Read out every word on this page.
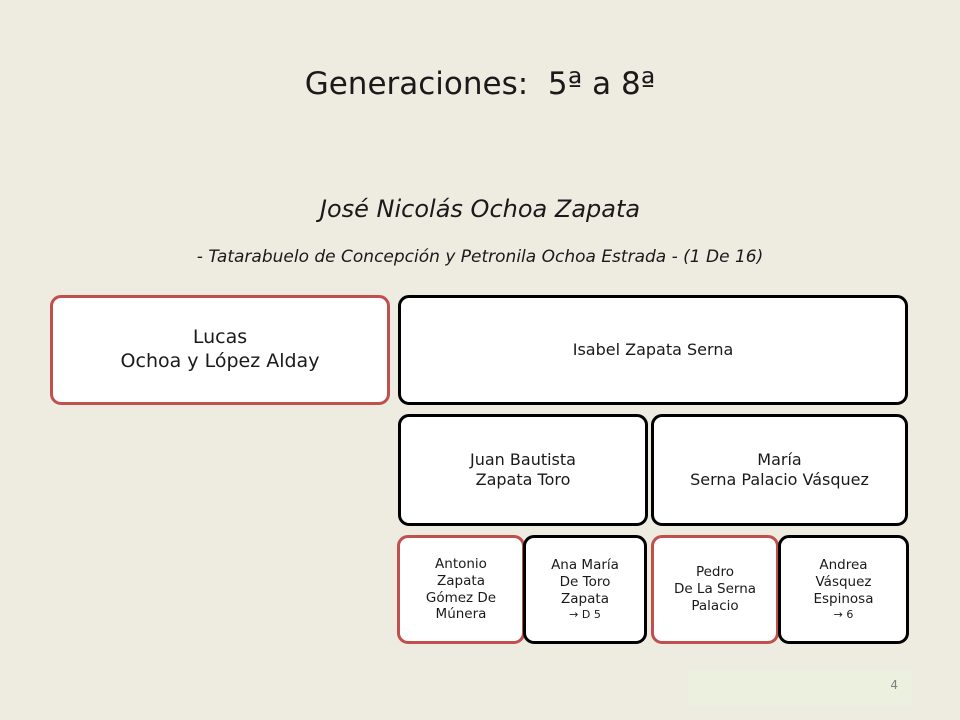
Generaciones:  5ª a 8ª
José Nicolás Ochoa Zapata
- Tatarabuelo de Concepción y Petronila Ochoa Estrada - (1 De 16)
Lucas
Ochoa y López Alday
Isabel Zapata Serna
Juan Bautista
Zapata Toro
María
Serna Palacio Vásquez
Antonio
Zapata
Gómez De
Múnera
Ana María
De Toro
Zapata
→ D 5
Pedro
De La Serna
Palacio
Andrea
Vásquez
Espinosa
→ 6
4
